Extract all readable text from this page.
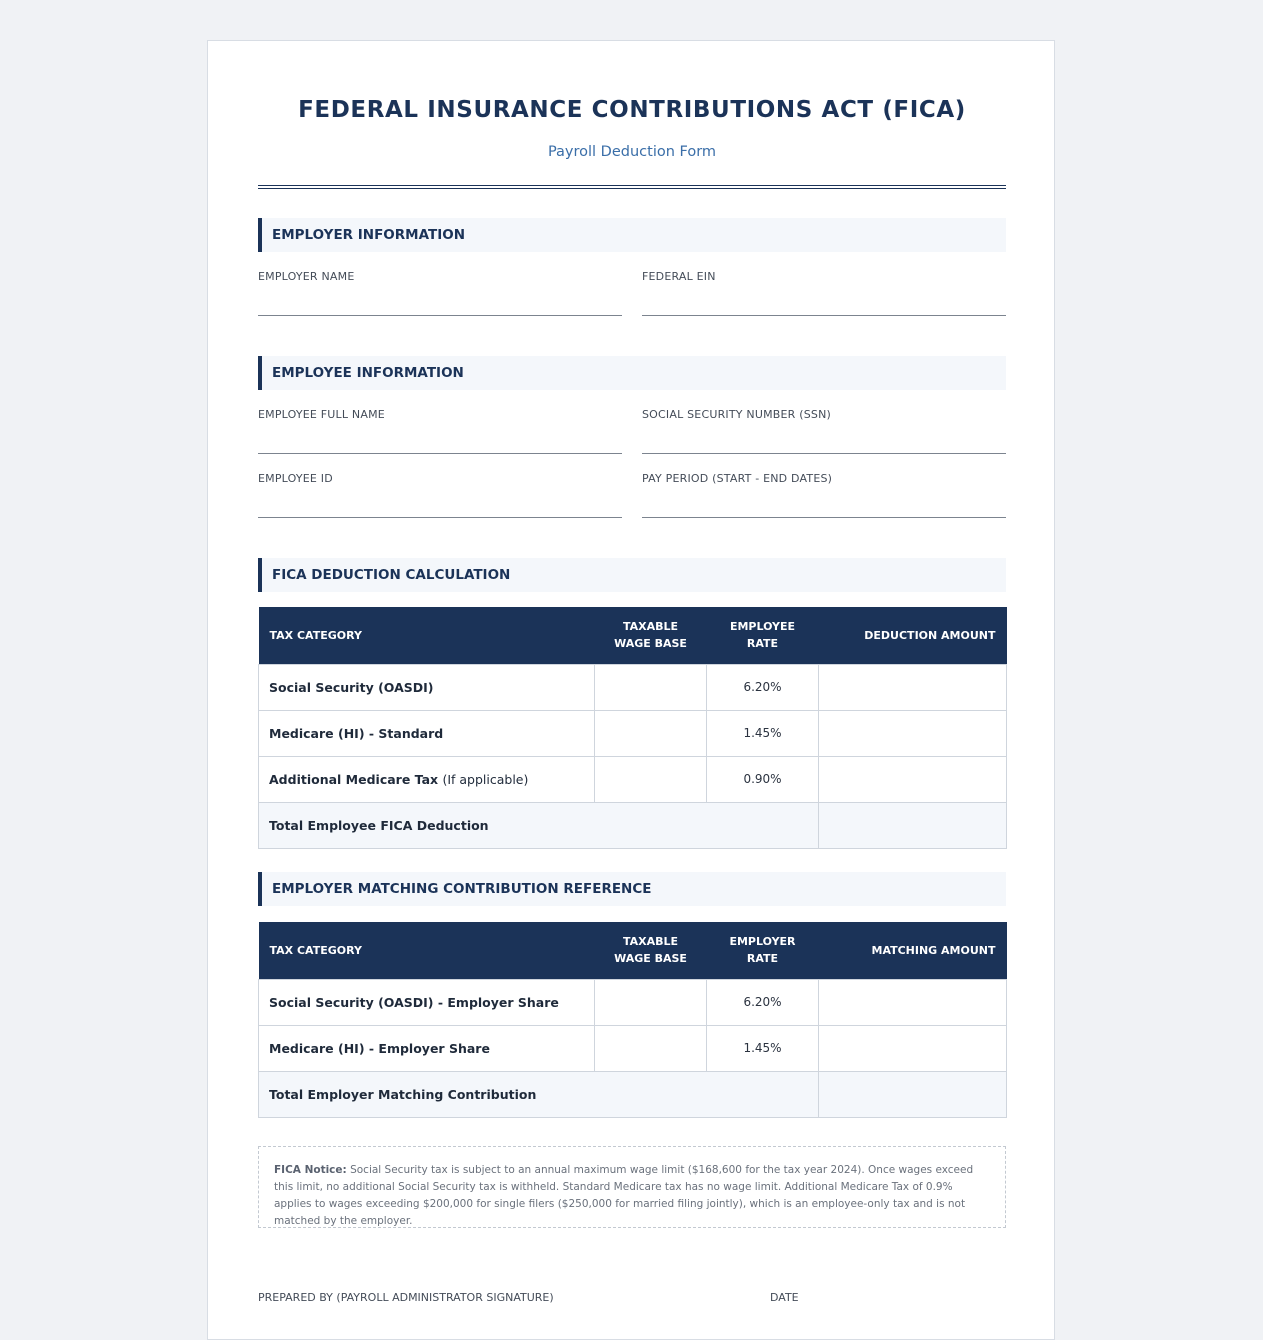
FEDERAL INSURANCE CONTRIBUTIONS ACT (FICA)
Payroll Deduction Form
EMPLOYER INFORMATION
EMPLOYER NAME	FEDERAL EIN
EMPLOYEE INFORMATION
EMPLOYEE FULL NAME	SOCIAL SECURITY NUMBER (SSN)
EMPLOYEE ID	PAY PERIOD (START - END DATES)
FICA DEDUCTION CALCULATION
TAX CATEGORY	TAXABLE WAGE BASE	EMPLOYEE RATE	DEDUCTION AMOUNT
Social Security (OASDI)		6.20%	
Medicare (HI) - Standard		1.45%	
Additional Medicare Tax (If applicable)		0.90%	
Total Employee FICA Deduction			
EMPLOYER MATCHING CONTRIBUTION REFERENCE
TAX CATEGORY	TAXABLE WAGE BASE	EMPLOYER RATE	MATCHING AMOUNT
Social Security (OASDI) - Employer Share		6.20%	
Medicare (HI) - Employer Share		1.45%	
Total Employer Matching Contribution			
FICA Notice: Social Security tax is subject to an annual maximum wage limit ($168,600 for the tax year 2024). Once wages exceed this limit, no additional Social Security tax is withheld. Standard Medicare tax has no wage limit. Additional Medicare Tax of 0.9% applies to wages exceeding $200,000 for single filers ($250,000 for married filing jointly), which is an employee-only tax and is not matched by the employer.
PREPARED BY (PAYROLL ADMINISTRATOR SIGNATURE)	DATE
